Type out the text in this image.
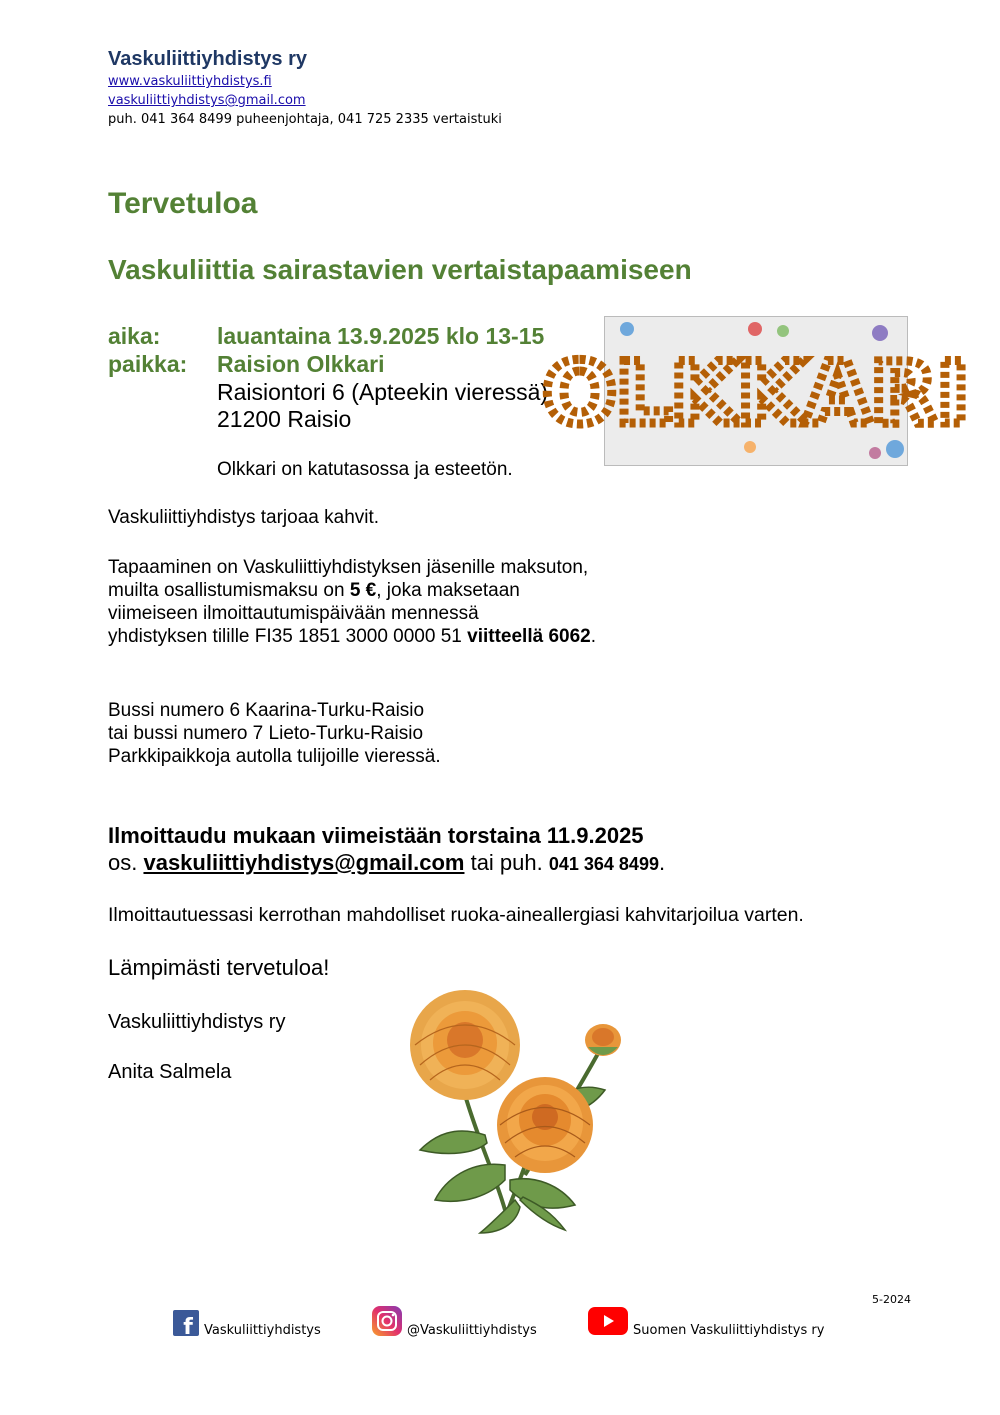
Vaskuliittiyhdistys ry
www.vaskuliittiyhdistys.fi
vaskuliittiyhdistys@gmail.com
puh. 041 364 8499 puheenjohtaja, 041 725 2335 vertaistuki
Tervetuloa
Vaskuliittia sairastavien vertaistapaamiseen
aika: lauantaina 13.9.2025 klo 13-15
paikka: Raision Olkkari
Raisiontori 6 (Apteekin vieressä)
21200 Raisio
Olkkari on katutasossa ja esteetön.
OLKKARI
Vaskuliittiyhdistys tarjoaa kahvit.
Tapaaminen on Vaskuliittiyhdistyksen jäsenille maksuton,
muilta osallistumismaksu on 5 €, joka maksetaan
viimeiseen ilmoittautumispäivään mennessä
yhdistyksen tilille FI35 1851 3000 0000 51 viitteellä 6062.
Bussi numero 6 Kaarina-Turku-Raisio
tai bussi numero 7 Lieto-Turku-Raisio
Parkkipaikkoja autolla tulijoille vieressä.
Ilmoittaudu mukaan viimeistään torstaina 11.9.2025
os. vaskuliittiyhdistys@gmail.com tai puh. 041 364 8499.
Ilmoittautuessasi kerrothan mahdolliset ruoka-aineallergiasi kahvitarjoilua varten.
Lämpimästi tervetuloa!
Vaskuliittiyhdistys ry
Anita Salmela
5-2024
f Vaskuliittiyhdistys	@Vaskuliittiyhdistys	Suomen Vaskuliittiyhdistys ry
